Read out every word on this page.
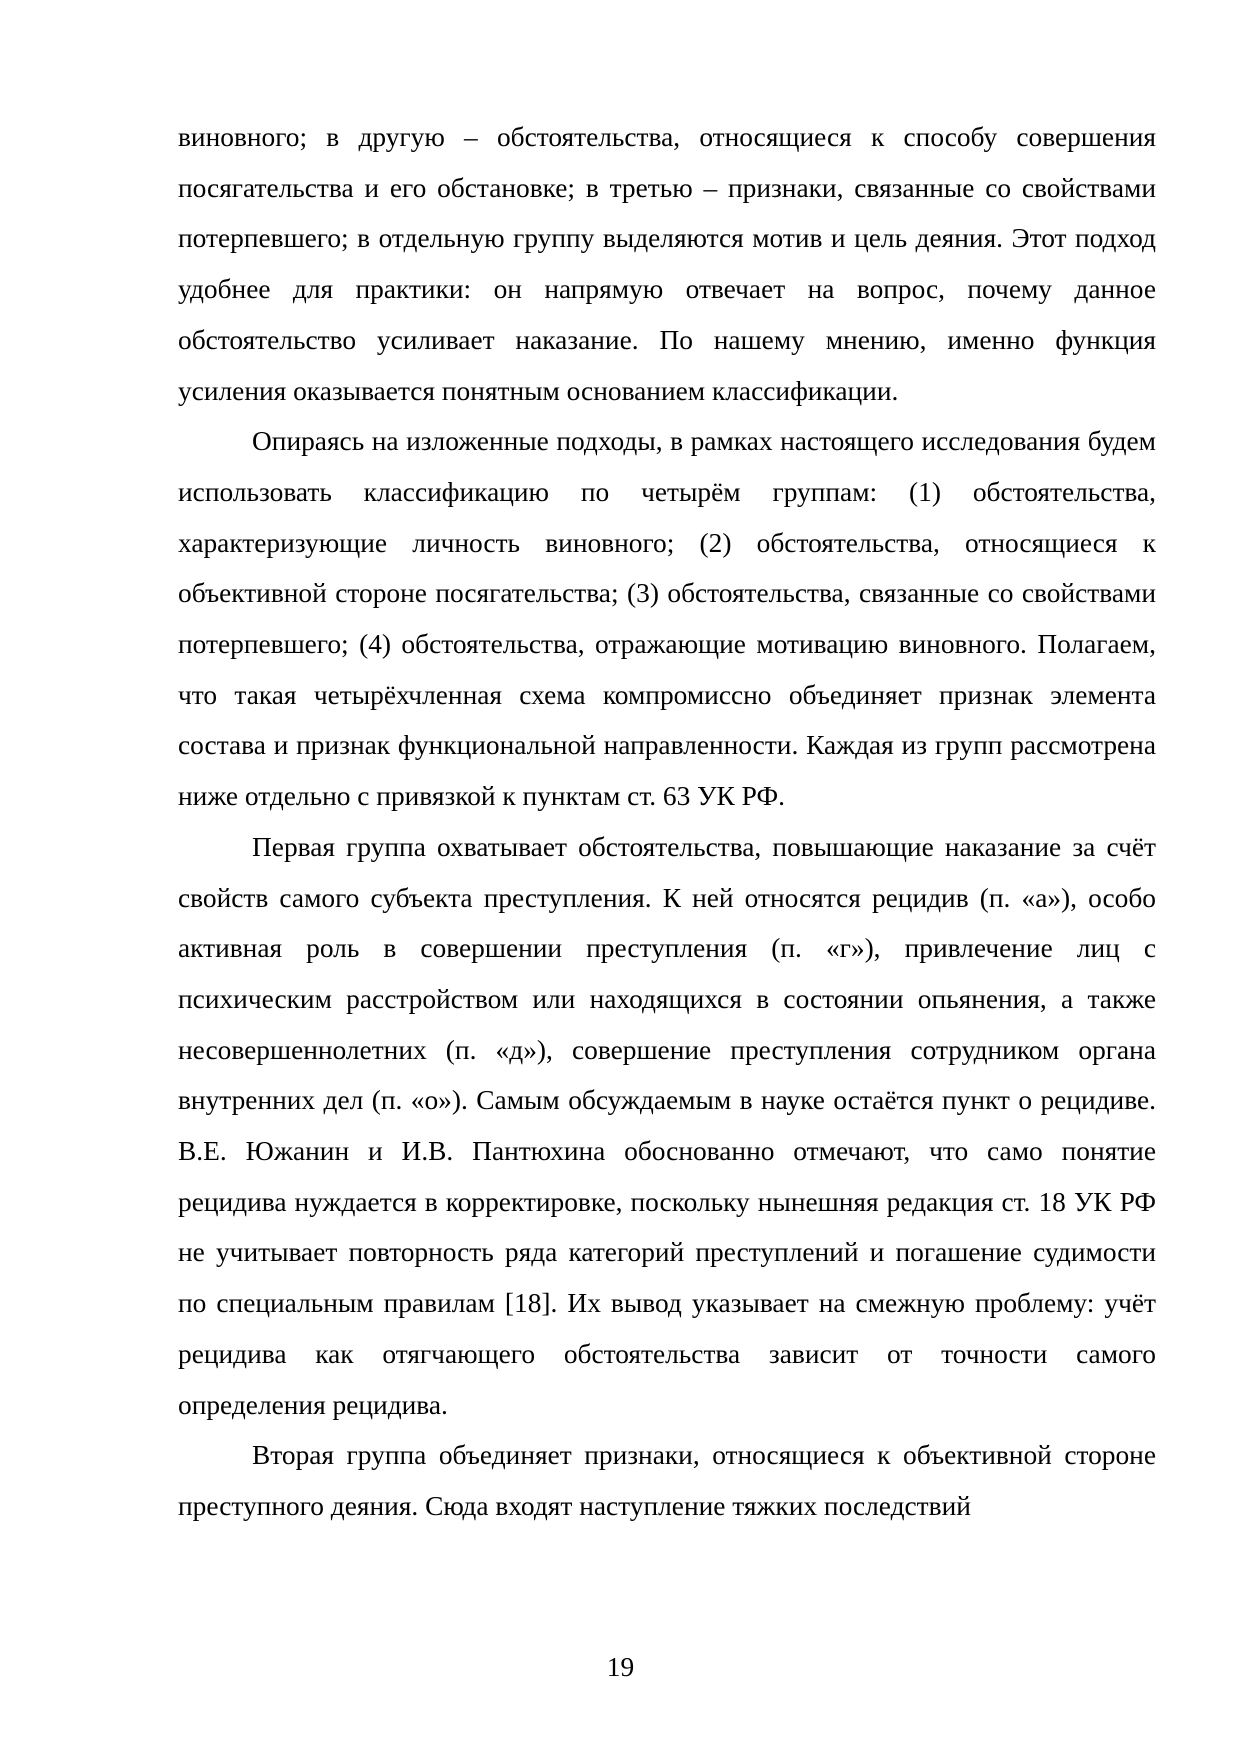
виновного; в другую – обстоятельства, относящиеся к способу совершения посягательства и его обстановке; в третью – признаки, связанные со свойствами потерпевшего; в отдельную группу выделяются мотив и цель деяния. Этот подход удобнее для практики: он напрямую отвечает на вопрос, почему данное обстоятельство усиливает наказание. По нашему мнению, именно функция усиления оказывается понятным основанием классификации.

Опираясь на изложенные подходы, в рамках настоящего исследования будем использовать классификацию по четырём группам: (1) обстоятельства, характеризующие личность виновного; (2) обстоятельства, относящиеся к объективной стороне посягательства; (3) обстоятельства, связанные со свойствами потерпевшего; (4) обстоятельства, отражающие мотивацию виновного. Полагаем, что такая четырёхчленная схема компромиссно объединяет признак элемента состава и признак функциональной направленности. Каждая из групп рассмотрена ниже отдельно с привязкой к пунктам ст. 63 УК РФ.

Первая группа охватывает обстоятельства, повышающие наказание за счёт свойств самого субъекта преступления. К ней относятся рецидив (п. «а»), особо активная роль в совершении преступления (п. «г»), привлечение лиц с психическим расстройством или находящихся в состоянии опьянения, а также несовершеннолетних (п. «д»), совершение преступления сотрудником органа внутренних дел (п. «о»). Самым обсуждаемым в науке остаётся пункт о рецидиве. В.Е. Южанин и И.В. Пантюхина обоснованно отмечают, что само понятие рецидива нуждается в корректировке, поскольку нынешняя редакция ст. 18 УК РФ не учитывает повторность ряда категорий преступлений и погашение судимости по специальным правилам [18]. Их вывод указывает на смежную проблему: учёт рецидива как отягчающего обстоятельства зависит от точности самого определения рецидива.

Вторая группа объединяет признаки, относящиеся к объективной стороне преступного деяния. Сюда входят наступление тяжких последствий

19
